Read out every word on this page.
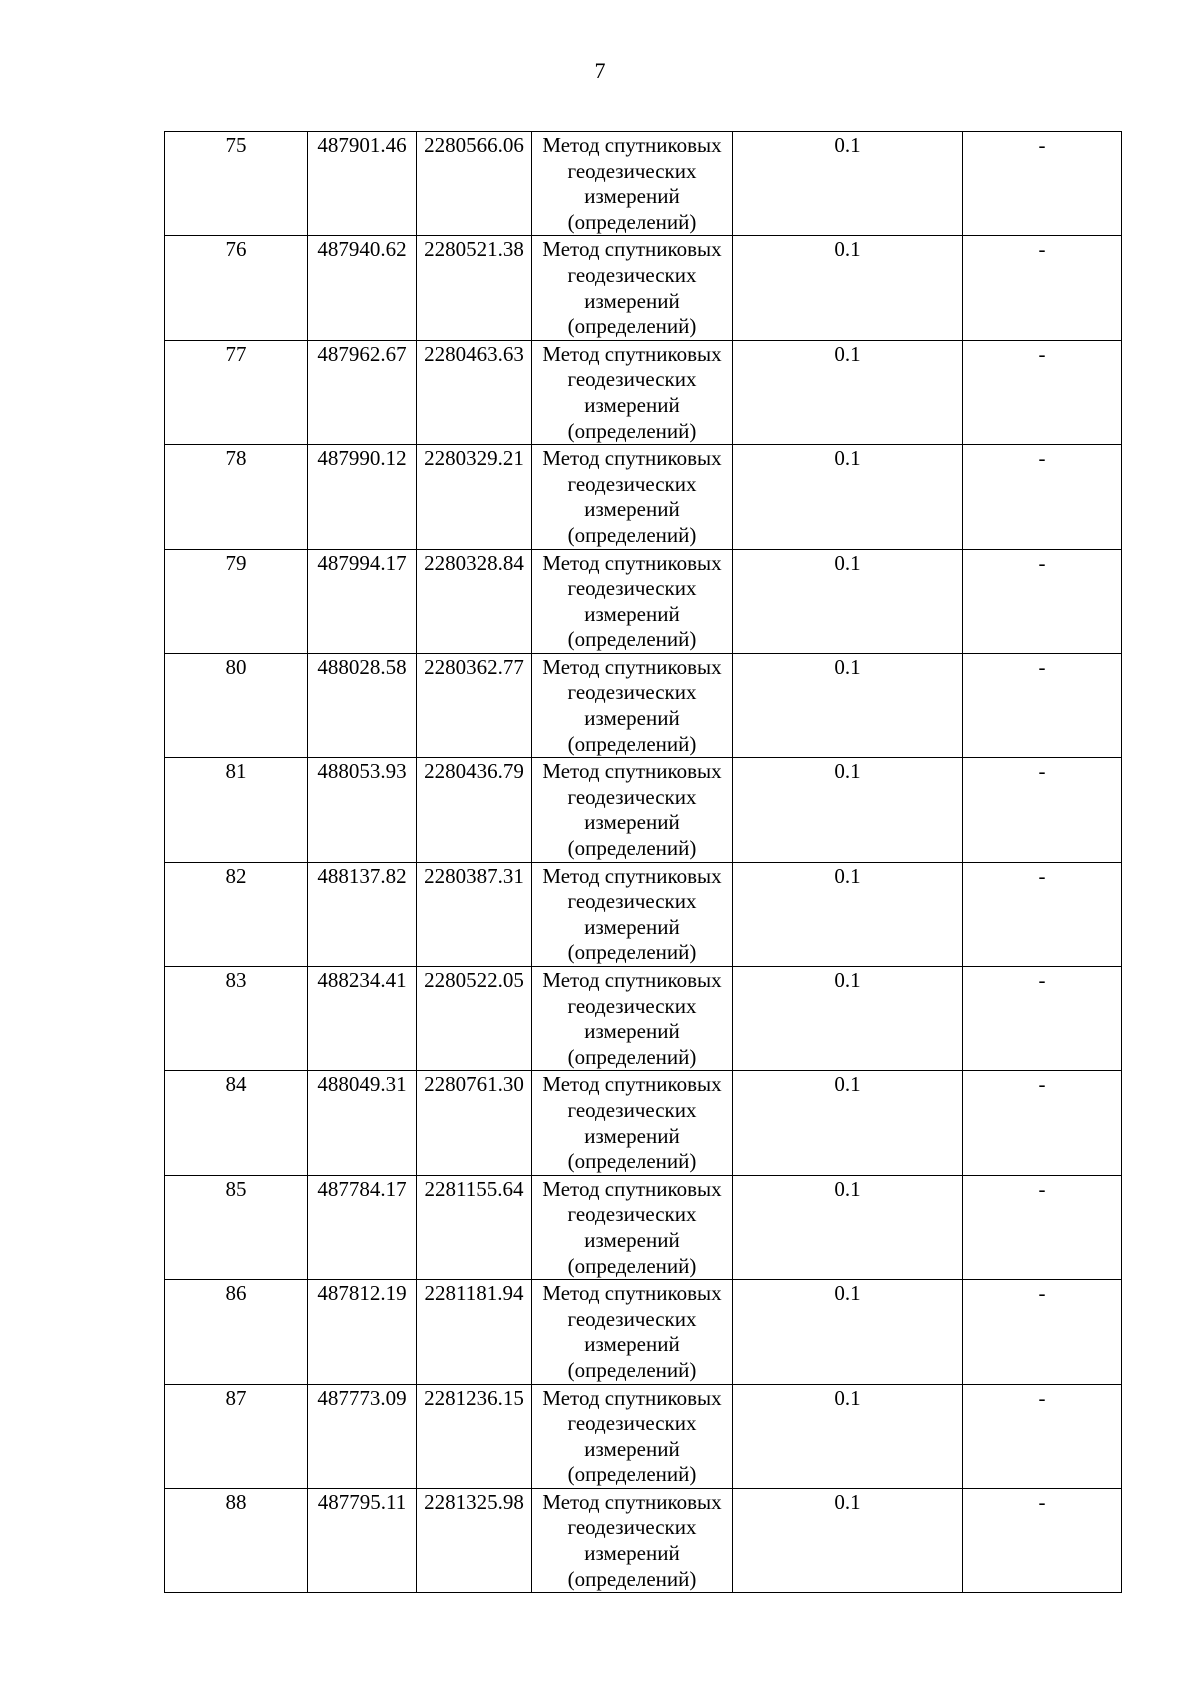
7
75	487901.46	2280566.06	Метод спутниковых геодезических измерений (определений)	0.1	-
76	487940.62	2280521.38	Метод спутниковых геодезических измерений (определений)	0.1	-
77	487962.67	2280463.63	Метод спутниковых геодезических измерений (определений)	0.1	-
78	487990.12	2280329.21	Метод спутниковых геодезических измерений (определений)	0.1	-
79	487994.17	2280328.84	Метод спутниковых геодезических измерений (определений)	0.1	-
80	488028.58	2280362.77	Метод спутниковых геодезических измерений (определений)	0.1	-
81	488053.93	2280436.79	Метод спутниковых геодезических измерений (определений)	0.1	-
82	488137.82	2280387.31	Метод спутниковых геодезических измерений (определений)	0.1	-
83	488234.41	2280522.05	Метод спутниковых геодезических измерений (определений)	0.1	-
84	488049.31	2280761.30	Метод спутниковых геодезических измерений (определений)	0.1	-
85	487784.17	2281155.64	Метод спутниковых геодезических измерений (определений)	0.1	-
86	487812.19	2281181.94	Метод спутниковых геодезических измерений (определений)	0.1	-
87	487773.09	2281236.15	Метод спутниковых геодезических измерений (определений)	0.1	-
88	487795.11	2281325.98	Метод спутниковых геодезических измерений (определений)	0.1	-
